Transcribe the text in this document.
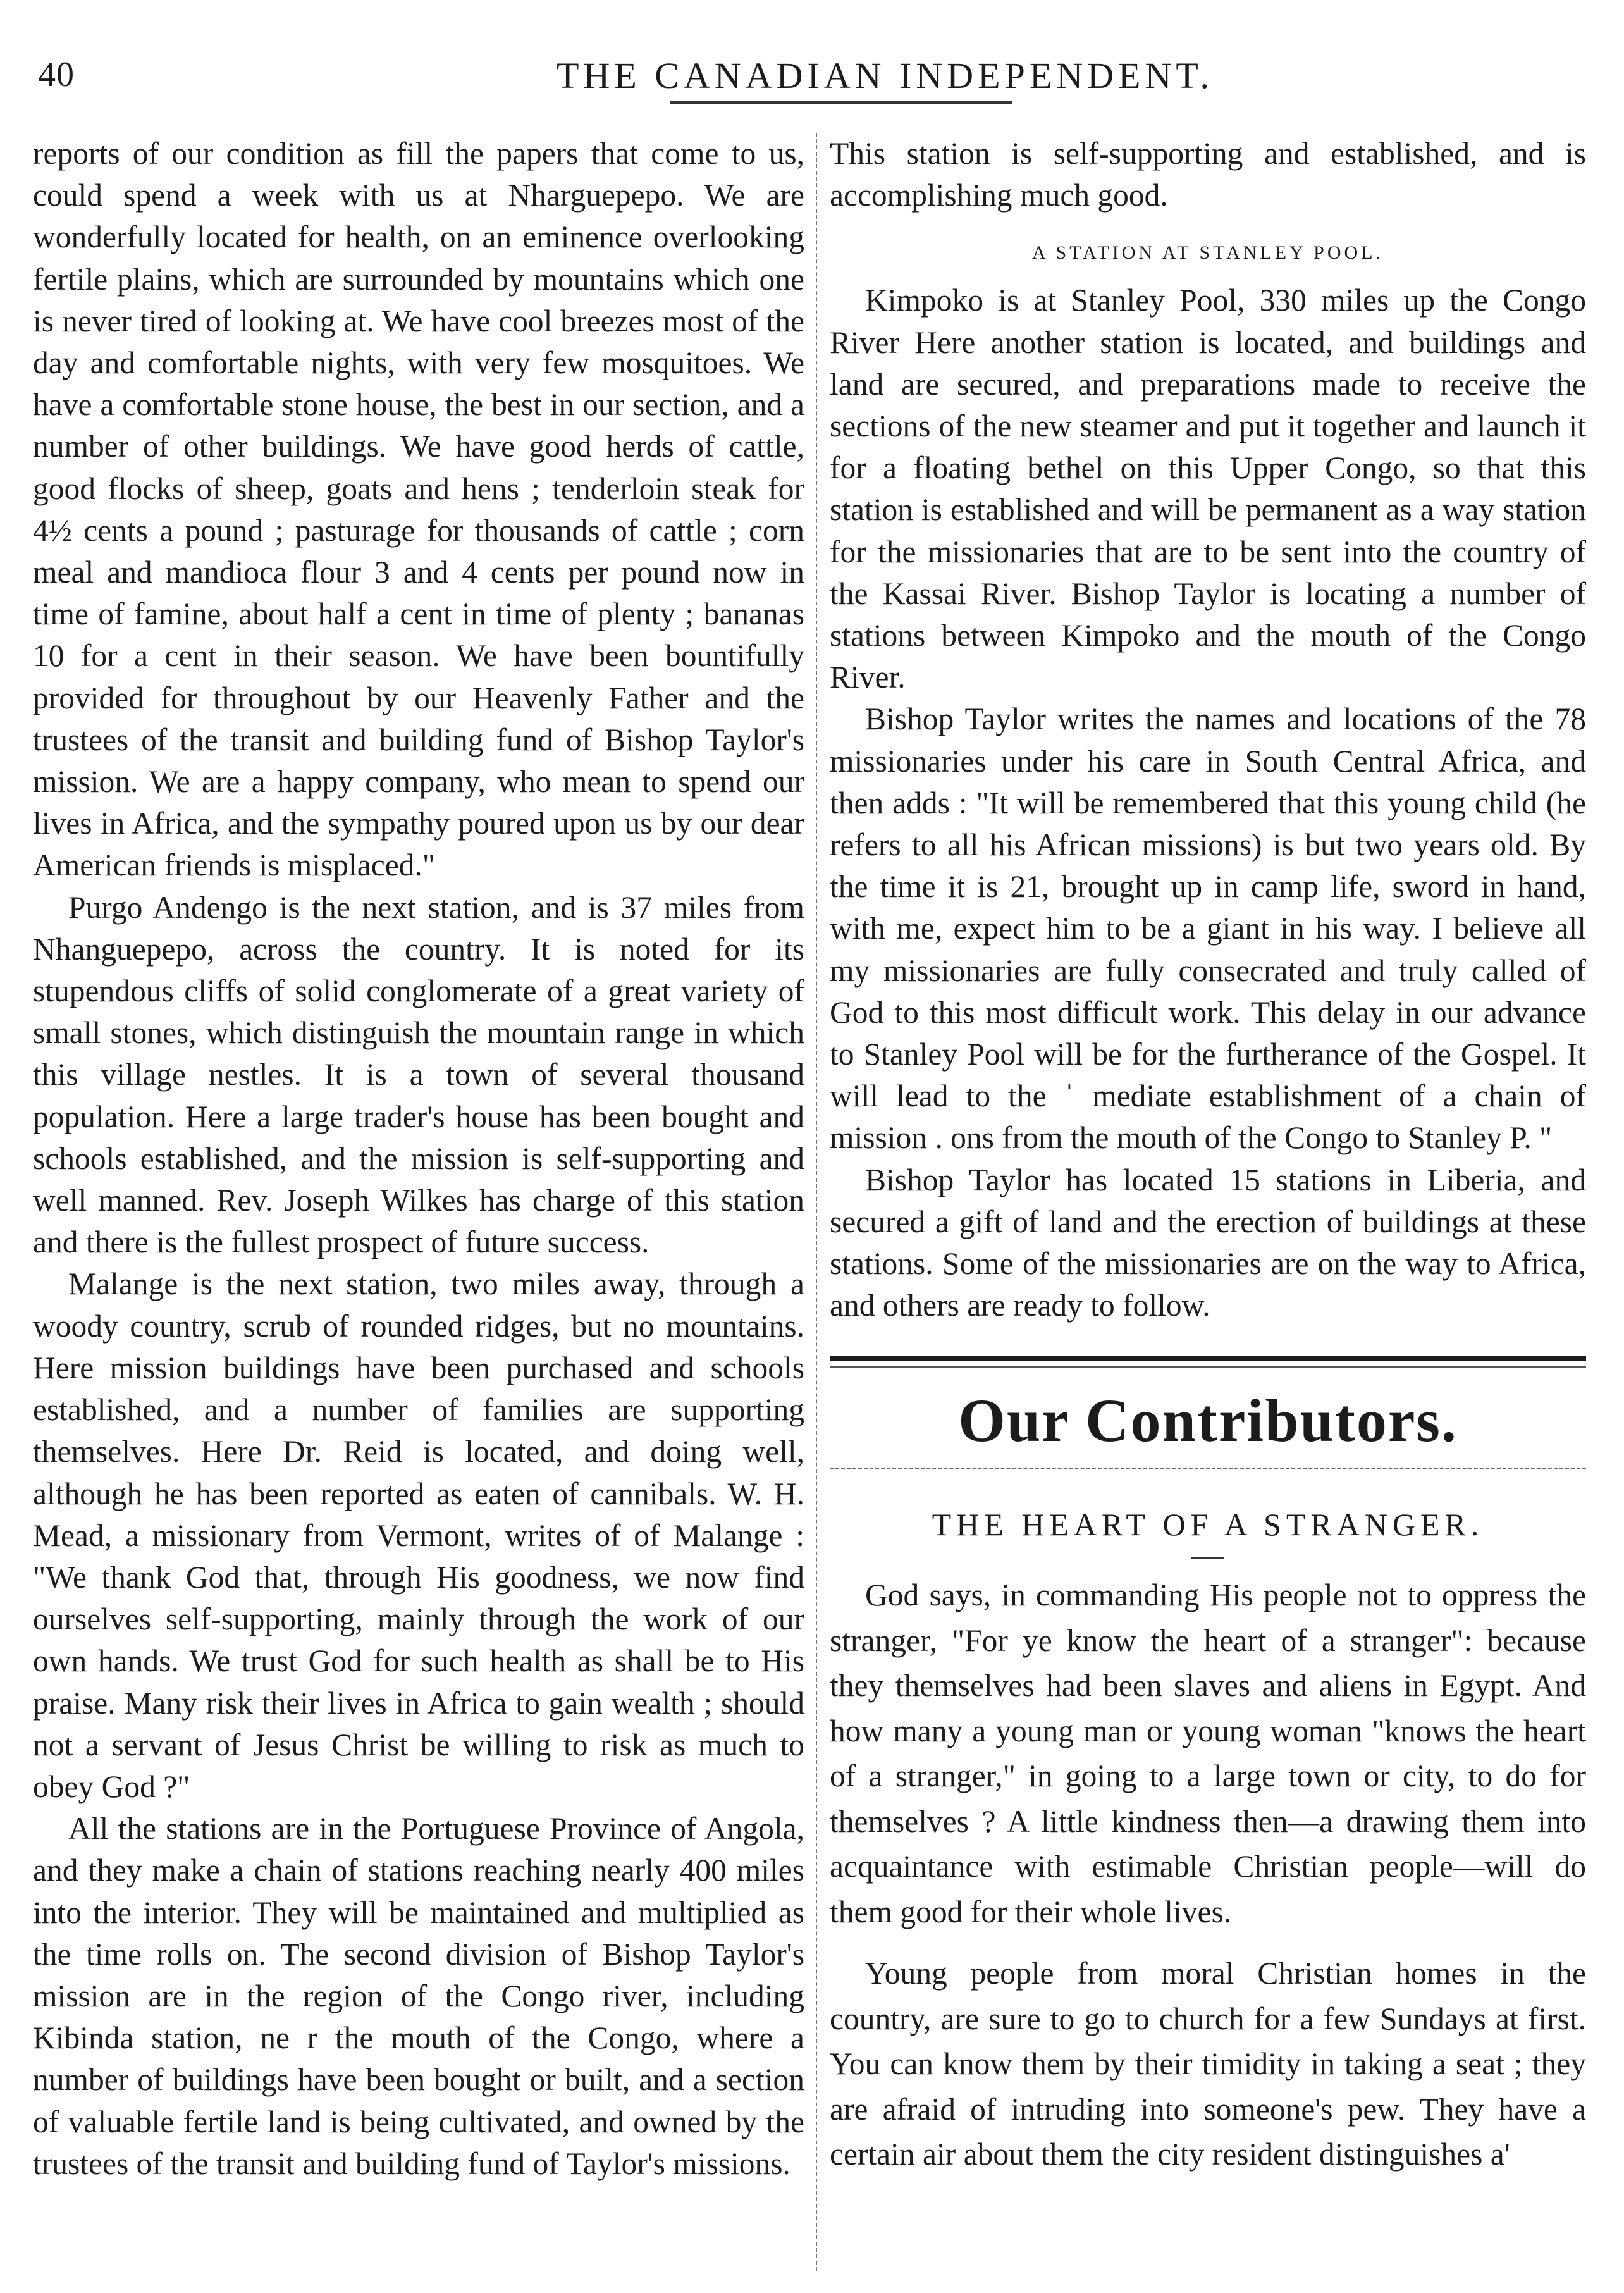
40	THE CANADIAN INDEPENDENT.

reports of our condition as fill the papers that come to us, could spend a week with us at Nharguepepo. We are wonderfully located for health, on an eminence overlooking fertile plains, which are surrounded by mountains which one is never tired of looking at. We have cool breezes most of the day and comfortable nights, with very few mosquitoes. We have a comfortable stone house, the best in our section, and a number of other buildings. We have good herds of cattle, good flocks of sheep, goats and hens ; tenderloin steak for 4½ cents a pound ; pasturage for thousands of cattle ; corn meal and mandioca flour 3 and 4 cents per pound now in time of famine, about half a cent in time of plenty ; bananas 10 for a cent in their season. We have been bountifully provided for throughout by our Heavenly Father and the trustees of the transit and building fund of Bishop Taylor's mission. We are a happy company, who mean to spend our lives in Africa, and the sympathy poured upon us by our dear American friends is misplaced."

Purgo Andengo is the next station, and is 37 miles from Nhanguepepo, across the country. It is noted for its stupendous cliffs of solid conglomerate of a great variety of small stones, which distinguish the mountain range in which this village nestles. It is a town of several thousand population. Here a large trader's house has been bought and schools established, and the mission is self-supporting and well manned. Rev. Joseph Wilkes has charge of this station and there is the fullest prospect of future success.

Malange is the next station, two miles away, through a woody country, scrub of rounded ridges, but no mountains. Here mission buildings have been purchased and schools established, and a number of families are supporting themselves. Here Dr. Reid is located, and doing well, although he has been reported as eaten of cannibals. W. H. Mead, a missionary from Vermont, writes of of Malange : "We thank God that, through His goodness, we now find ourselves self-supporting, mainly through the work of our own hands. We trust God for such health as shall be to His praise. Many risk their lives in Africa to gain wealth ; should not a servant of Jesus Christ be willing to risk as much to obey God ?"

All the stations are in the Portuguese Province of Angola, and they make a chain of stations reaching nearly 400 miles into the interior. They will be maintained and multiplied as the time rolls on. The second division of Bishop Taylor's mission are in the region of the Congo river, including Kibinda station, ne r the mouth of the Congo, where a number of buildings have been bought or built, and a section of valuable fertile land is being cultivated, and owned by the trustees of the transit and building fund of Taylor's missions.

This station is self-supporting and established, and is accomplishing much good.

A STATION AT STANLEY POOL.

Kimpoko is at Stanley Pool, 330 miles up the Congo River Here another station is located, and buildings and land are secured, and preparations made to receive the sections of the new steamer and put it together and launch it for a floating bethel on this Upper Congo, so that this station is established and will be permanent as a way station for the missionaries that are to be sent into the country of the Kassai River. Bishop Taylor is locating a number of stations between Kimpoko and the mouth of the Congo River.

Bishop Taylor writes the names and locations of the 78 missionaries under his care in South Central Africa, and then adds : "It will be remembered that this young child (he refers to all his African missions) is but two years old. By the time it is 21, brought up in camp life, sword in hand, with me, expect him to be a giant in his way. I believe all my missionaries are fully consecrated and truly called of God to this most difficult work. This delay in our advance to Stanley Pool will be for the furtherance of the Gospel. It will lead to the ˈ mediate establishment of a chain of mission . ons from the mouth of the Congo to Stanley P. "

Bishop Taylor has located 15 stations in Liberia, and secured a gift of land and the erection of buildings at these stations. Some of the missionaries are on the way to Africa, and others are ready to follow.

Our Contributors.
THE HEART OF A STRANGER.

God says, in commanding His people not to oppress the stranger, "For ye know the heart of a stranger": because they themselves had been slaves and aliens in Egypt. And how many a young man or young woman "knows the heart of a stranger," in going to a large town or city, to do for themselves ? A little kindness then—a drawing them into acquaintance with estimable Christian people—will do them good for their whole lives.

Young people from moral Christian homes in the country, are sure to go to church for a few Sundays at first. You can know them by their timidity in taking a seat ; they are afraid of intruding into someone's pew. They have a certain air about them the city resident distinguishes a'
